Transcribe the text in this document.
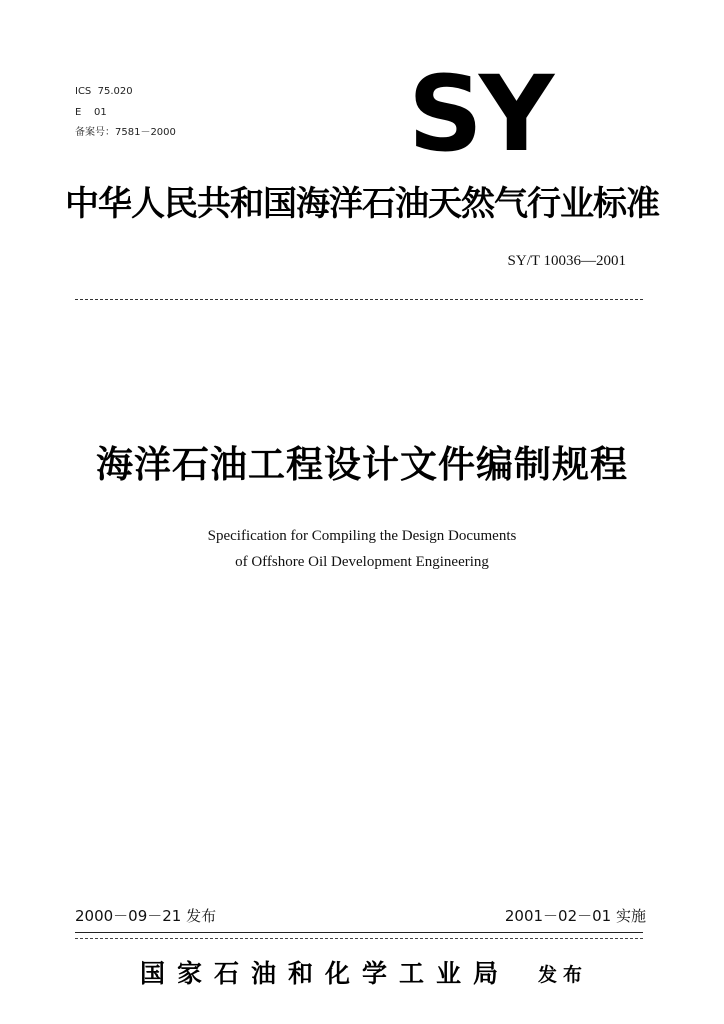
ICS  75.020
E    01
备案号：7581－2000 SY
中华人民共和国海洋石油天然气行业标准
SY/T 10036—2001
海洋石油工程设计文件编制规程
Specification for Compiling the Design Documents
of Offshore Oil Development Engineering
2000－09－21 发布	2001－02－01 实施
国家石油和化学工业局 发布
